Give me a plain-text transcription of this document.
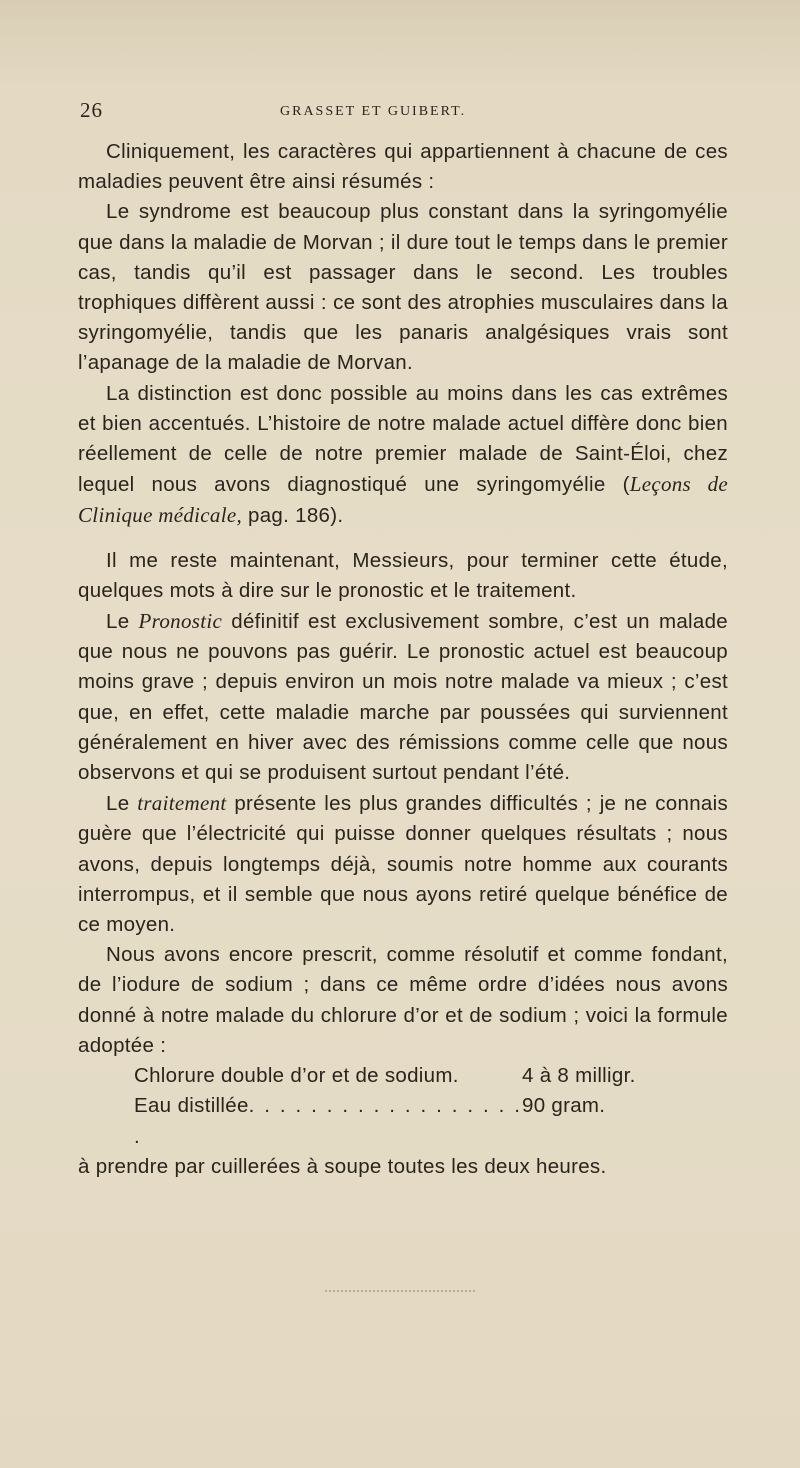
26	GRASSET ET GUIBERT.

Cliniquement, les caractères qui appartiennent à chacune de ces maladies peuvent être ainsi résumés :

Le syndrome est beaucoup plus constant dans la syringomyélie que dans la maladie de Morvan ; il dure tout le temps dans le premier cas, tandis qu’il est passager dans le second. Les troubles trophiques diffèrent aussi : ce sont des atrophies musculaires dans la syringomyélie, tandis que les panaris analgésiques vrais sont l’apanage de la maladie de Morvan.

La distinction est donc possible au moins dans les cas extrêmes et bien accentués. L’histoire de notre malade actuel diffère donc bien réellement de celle de notre premier malade de Saint-Éloi, chez lequel nous avons diagnostiqué une syringomyélie (Leçons de Clinique médicale, pag. 186).

Il me reste maintenant, Messieurs, pour terminer cette étude, quelques mots à dire sur le pronostic et le traitement.

Le Pronostic définitif est exclusivement sombre, c’est un malade que nous ne pouvons pas guérir. Le pronostic actuel est beaucoup moins grave ; depuis environ un mois notre malade va mieux ; c’est que, en effet, cette maladie marche par poussées qui surviennent généralement en hiver avec des rémissions comme celle que nous observons et qui se produisent surtout pendant l’été.

Le traitement présente les plus grandes difficultés ; je ne connais guère que l’électricité qui puisse donner quelques résultats ; nous avons, depuis longtemps déjà, soumis notre homme aux courants interrompus, et il semble que nous ayons retiré quelque bénéfice de ce moyen.

Nous avons encore prescrit, comme résolutif et comme fondant, de l’iodure de sodium ; dans ce même ordre d’idées nous avons donné à notre malade du chlorure d’or et de sodium ; voici la formule adoptée :

Chlorure double d’or et de sodium.	4 à 8 milligr.
Eau distillée. . . . . . . . . . . . . . . . . . .
90 gram.

à prendre par cuillerées à soupe toutes les deux heures.
